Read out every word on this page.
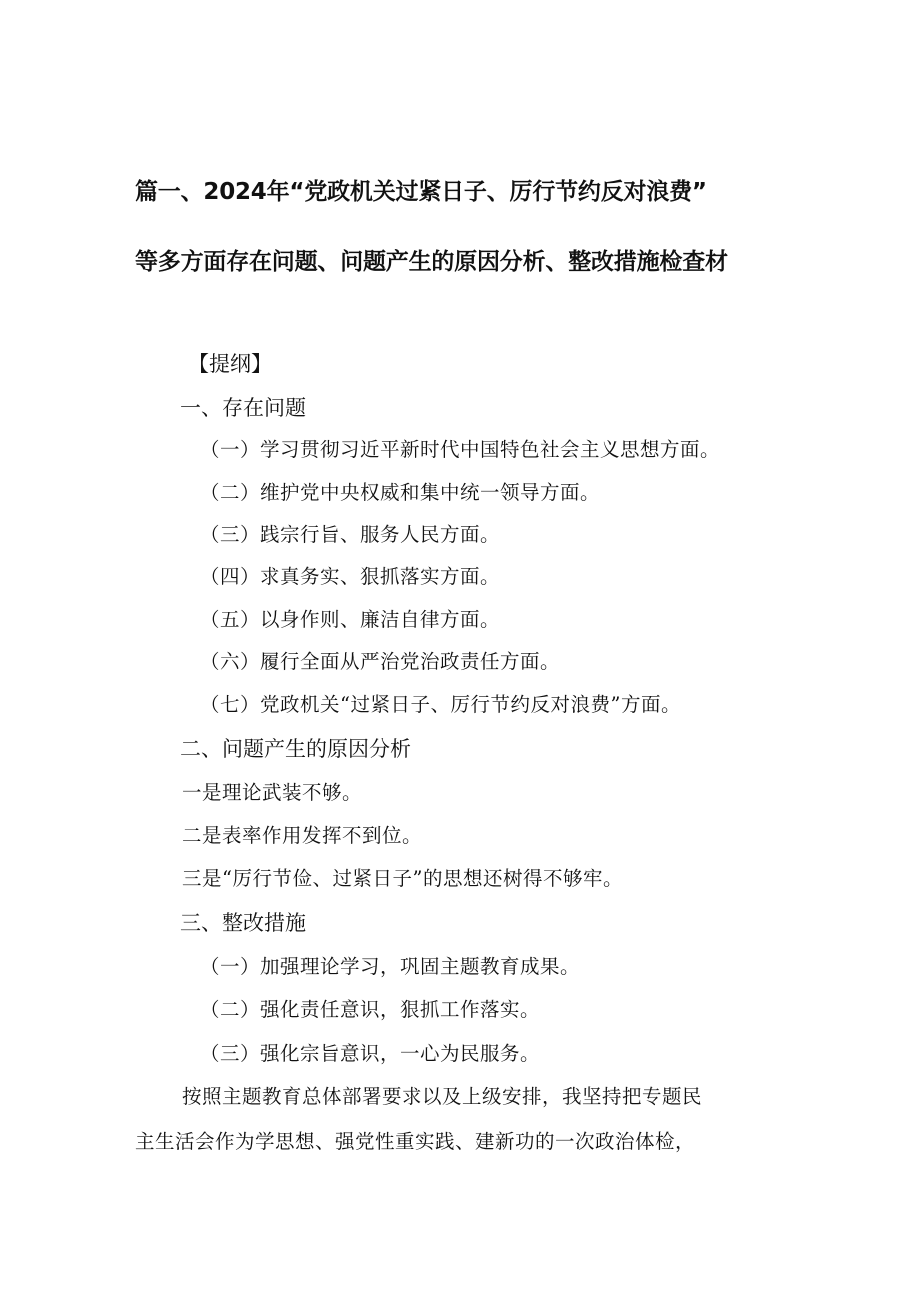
篇一、2024年“党政机关过紧日子、厉行节约反对浪费”
等多方面存在问题、问题产生的原因分析、整改措施检查材
【提纲】
一、存在问题
（一）学习贯彻习近平新时代中国特色社会主义思想方面。
（二）维护党中央权威和集中统一领导方面。
（三）践宗行旨、服务人民方面。
（四）求真务实、狠抓落实方面。
（五）以身作则、廉洁自律方面。
（六）履行全面从严治党治政责任方面。
（七）党政机关“过紧日子、厉行节约反对浪费”方面。
二、问题产生的原因分析
一是理论武装不够。
二是表率作用发挥不到位。
三是“厉行节俭、过紧日子”的思想还树得不够牢。
三、整改措施
（一）加强理论学习，巩固主题教育成果。
（二）强化责任意识，狠抓工作落实。
（三）强化宗旨意识，一心为民服务。
按照主题教育总体部署要求以及上级安排，我坚持把专题民
主生活会作为学思想、强党性重实践、建新功的一次政治体检，
